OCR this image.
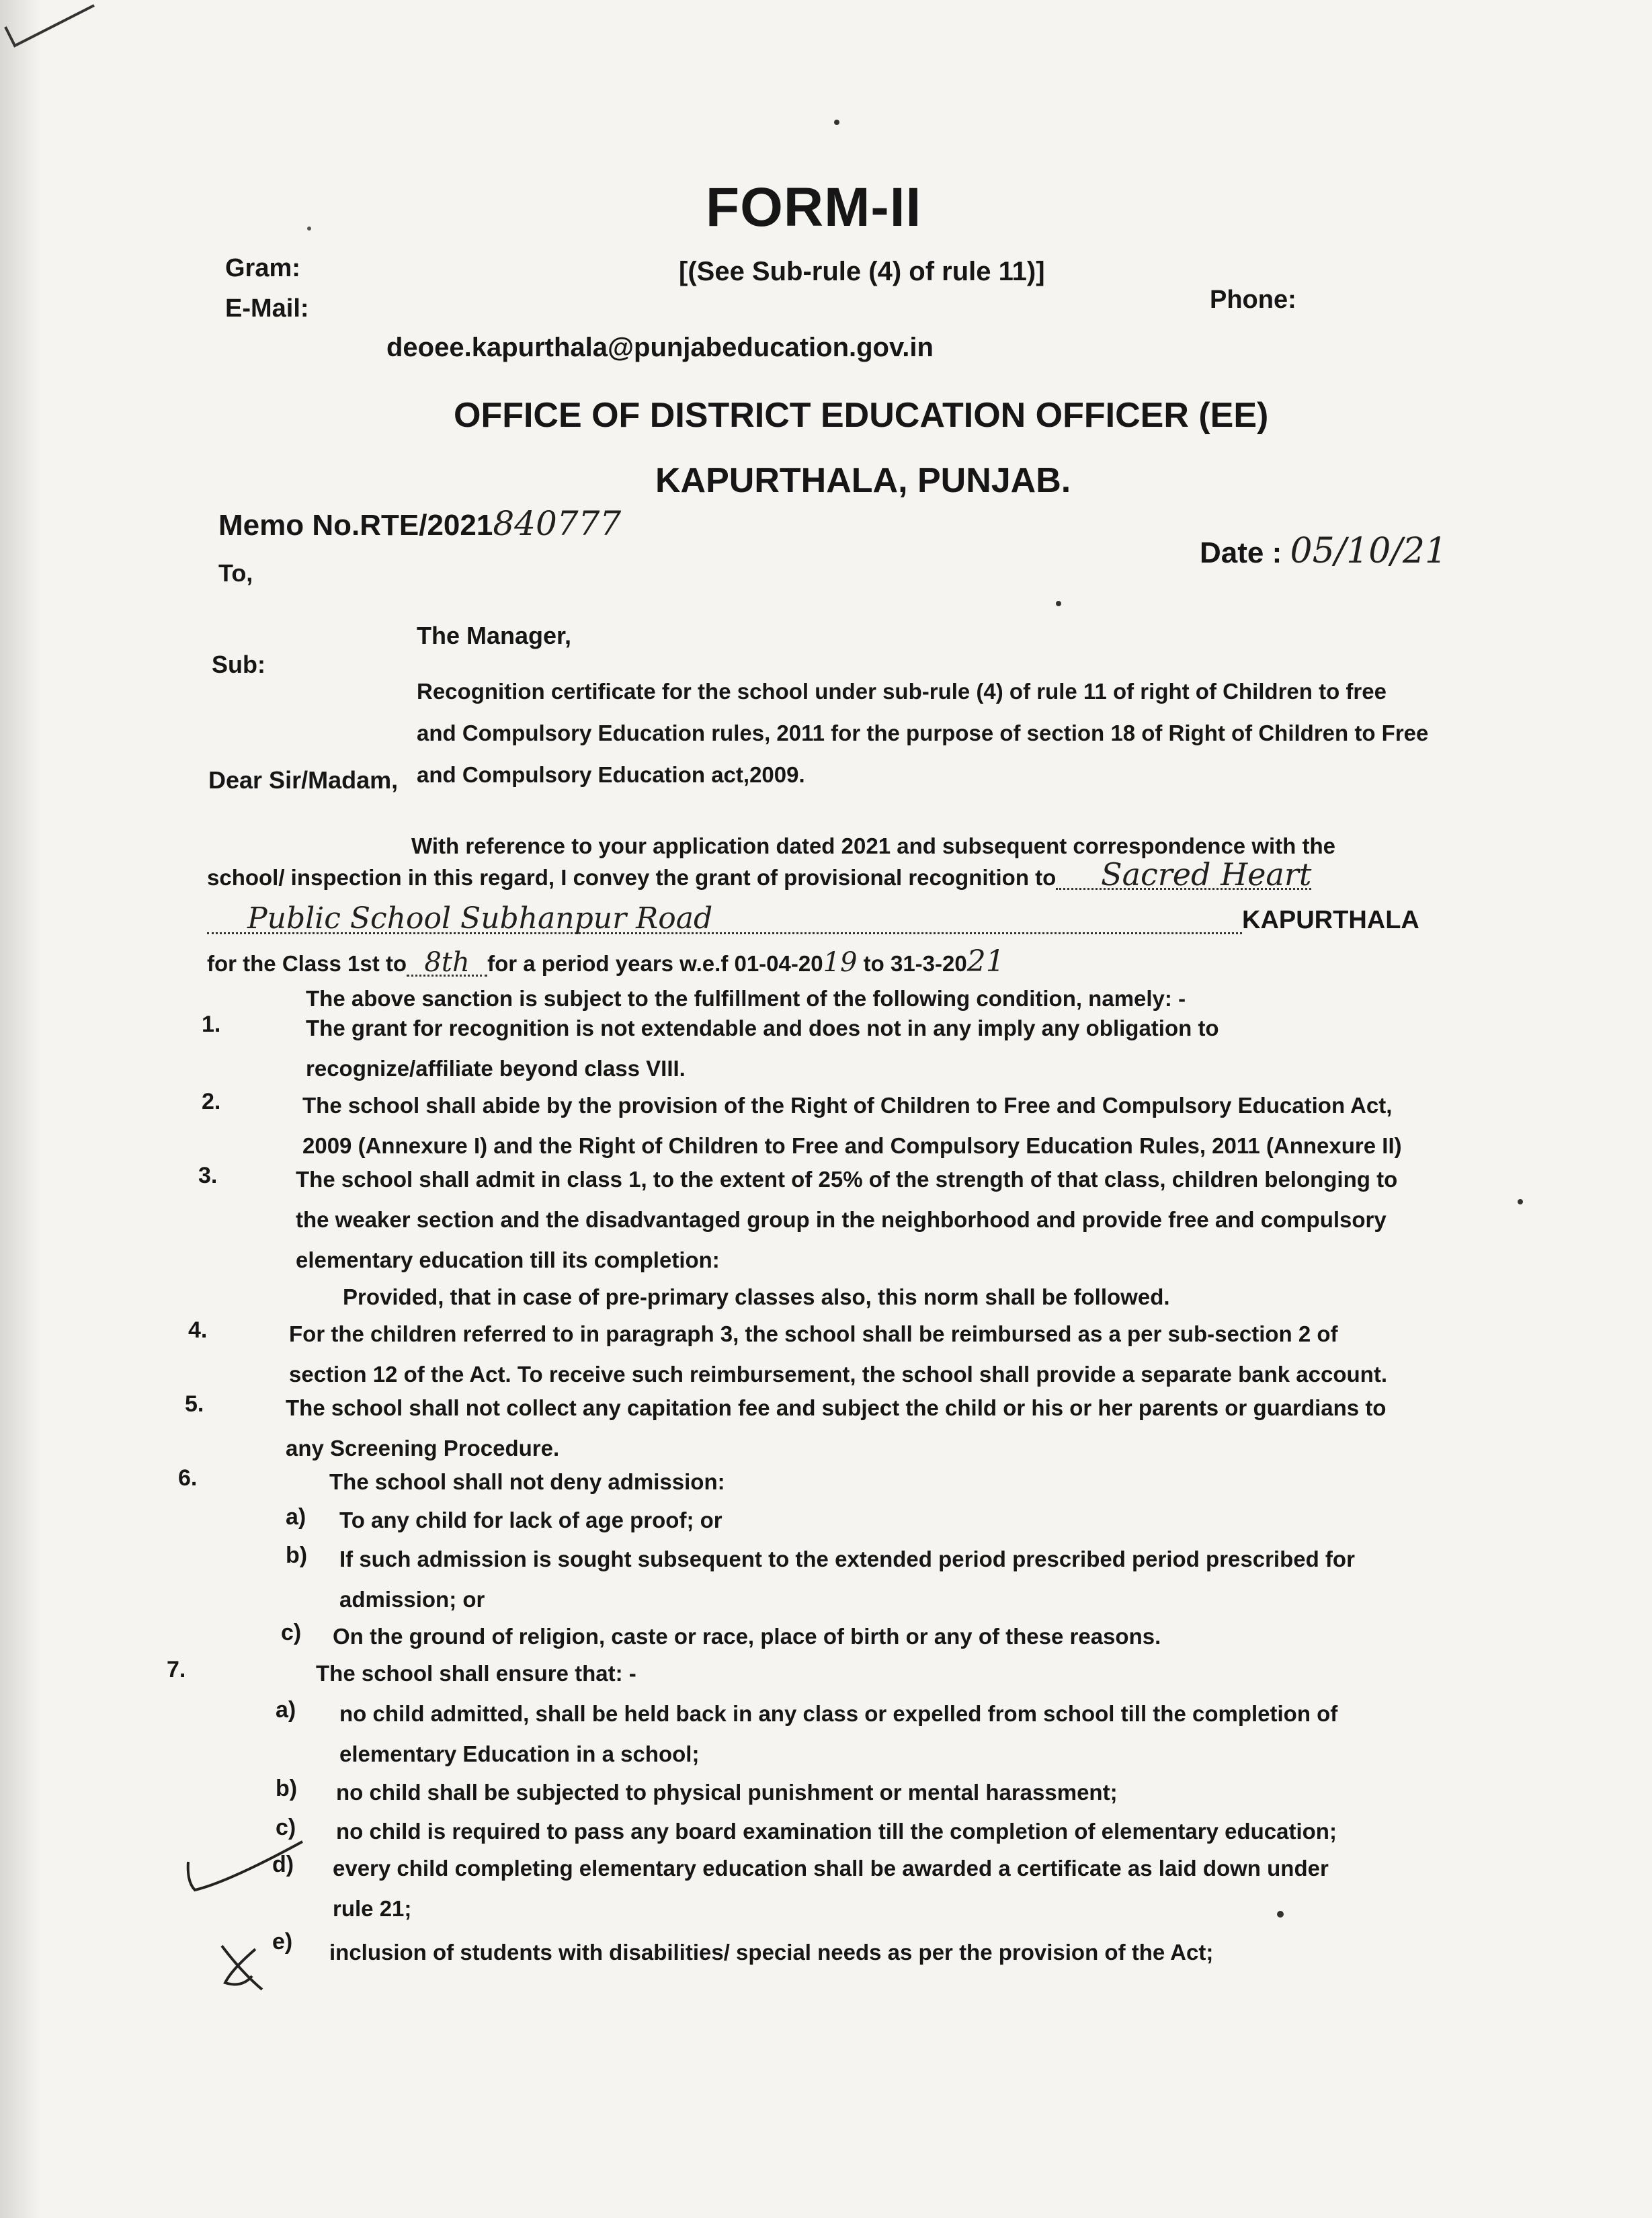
FORM-II
[(See Sub-rule (4) of rule 11)]
Gram:
E-Mail:	Phone:
deoee.kapurthala@punjabeducation.gov.in
OFFICE OF DISTRICT EDUCATION OFFICER (EE)
KAPURTHALA, PUNJAB.
Memo No.RTE/2021840777
Date : 05/10/21
To,
The Manager,
Sub:
Recognition certificate for the school under sub-rule (4) of rule 11 of right of Children to free
and Compulsory Education rules, 2011 for the purpose of section 18 of Right of Children to Free
and Compulsory Education act,2009.
Dear Sir/Madam,
With reference to your application dated 2021 and subsequent correspondence with the
school/ inspection in this regard, I convey the grant of provisional recognition to Sacred Heart
Public School Subhanpur Road	KAPURTHALA
for the Class 1st to 8th for a period years w.e.f 01-04-2019 to 31-3-2021
The above sanction is subject to the fulfillment of the following condition, namely: -
1.	The grant for recognition is not extendable and does not in any imply any obligation to
recognize/affiliate beyond class VIII.
2.	The school shall abide by the provision of the Right of Children to Free and Compulsory Education Act,
2009 (Annexure I) and the Right of Children to Free and Compulsory Education Rules, 2011 (Annexure II)
3.	The school shall admit in class 1, to the extent of 25% of the strength of that class, children belonging to
the weaker section and the disadvantaged group in the neighborhood and provide free and compulsory
elementary education till its completion:
Provided, that in case of pre-primary classes also, this norm shall be followed.
4.	For the children referred to in paragraph 3, the school shall be reimbursed as a per sub-section 2 of
section 12 of the Act. To receive such reimbursement, the school shall provide a separate bank account.
5.	The school shall not collect any capitation fee and subject the child or his or her parents or guardians to
any Screening Procedure.
6.	The school shall not deny admission:
a) To any child for lack of age proof; or
b) If such admission is sought subsequent to the extended period prescribed period prescribed for
admission; or
c) On the ground of religion, caste or race, place of birth or any of these reasons.
7.	The school shall ensure that: -
a) no child admitted, shall be held back in any class or expelled from school till the completion of
elementary Education in a school;
b) no child shall be subjected to physical punishment or mental harassment;
c) no child is required to pass any board examination till the completion of elementary education;
d) every child completing elementary education shall be awarded a certificate as laid down under
rule 21;
e) inclusion of students with disabilities/ special needs as per the provision of the Act;
